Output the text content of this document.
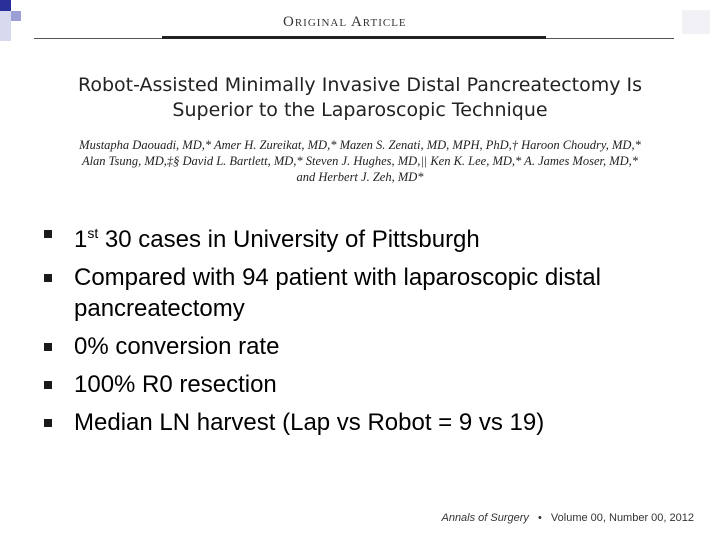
Original Article
Robot-Assisted Minimally Invasive Distal Pancreatectomy Is
Superior to the Laparoscopic Technique
Mustapha Daouadi, MD,* Amer H. Zureikat, MD,* Mazen S. Zenati, MD, MPH, PhD,† Haroon Choudry, MD,*
Alan Tsung, MD,‡§ David L. Bartlett, MD,* Steven J. Hughes, MD,|| Ken K. Lee, MD,* A. James Moser, MD,*
and Herbert J. Zeh, MD*
1st 30 cases in University of Pittsburgh
Compared with 94 patient with laparoscopic distal pancreatectomy
0% conversion rate
100% R0 resection
Median LN harvest (Lap vs Robot = 9 vs 19)
Annals of Surgery • Volume 00, Number 00, 2012
